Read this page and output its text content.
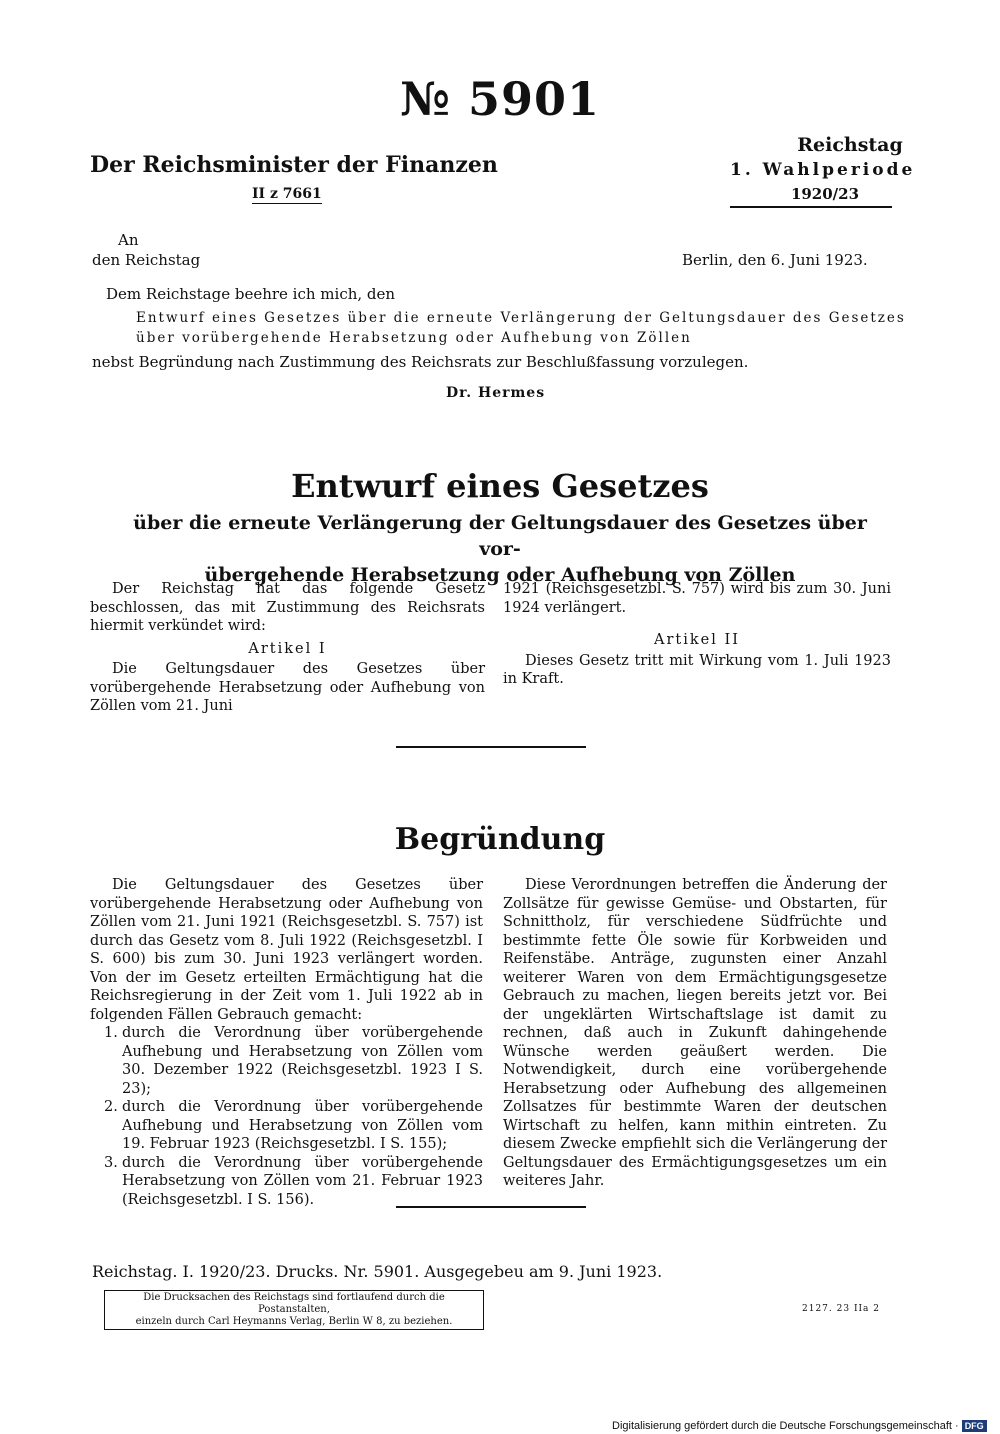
№ 5901
Der Reichsminister der Finanzen
II z 7661
Reichstag
1. Wahlperiode
1920/23
An
den Reichstag	Berlin, den 6. Juni 1923.
Dem Reichstage beehre ich mich, den
Entwurf eines Gesetzes über die erneute Verlängerung der Geltungsdauer des Gesetzes
über vorübergehende Herabsetzung oder Aufhebung von Zöllen
nebst Begründung nach Zustimmung des Reichsrats zur Beschlußfassung vorzulegen.
Dr. Hermes
Entwurf eines Gesetzes
über die erneute Verlängerung der Geltungsdauer des Gesetzes über vor-
übergehende Herabsetzung oder Aufhebung von Zöllen

Der Reichstag hat das folgende Gesetz beschlossen, das mit Zustimmung des Reichsrats hiermit verkündet wird:

Artikel I

Die Geltungsdauer des Gesetzes über vorübergehende Herabsetzung oder Aufhebung von Zöllen vom 21. Juni

1921 (Reichsgesetzbl. S. 757) wird bis zum 30. Juni 1924 verlängert.

Artikel II

Dieses Gesetz tritt mit Wirkung vom 1. Juli 1923 in Kraft.

Begründung

Die Geltungsdauer des Gesetzes über vorübergehende Herabsetzung oder Aufhebung von Zöllen vom 21. Juni 1921 (Reichsgesetzbl. S. 757) ist durch das Gesetz vom 8. Juli 1922 (Reichsgesetzbl. I S. 600) bis zum 30. Juni 1923 verlängert worden. Von der im Gesetz erteilten Ermächtigung hat die Reichsregierung in der Zeit vom 1. Juli 1922 ab in folgenden Fällen Gebrauch gemacht:

1. durch die Verordnung über vorübergehende Aufhebung und Herabsetzung von Zöllen vom 30. Dezember 1922 (Reichsgesetzbl. 1923 I S. 23);
2. durch die Verordnung über vorübergehende Aufhebung und Herabsetzung von Zöllen vom 19. Februar 1923 (Reichsgesetzbl. I S. 155);
3. durch die Verordnung über vorübergehende Herabsetzung von Zöllen vom 21. Februar 1923 (Reichsgesetzbl. I S. 156).

Diese Verordnungen betreffen die Änderung der Zollsätze für gewisse Gemüse- und Obstarten, für Schnittholz, für verschiedene Südfrüchte und bestimmte fette Öle sowie für Korbweiden und Reifenstäbe. Anträge, zugunsten einer Anzahl weiterer Waren von dem Ermächtigungsgesetze Gebrauch zu machen, liegen bereits jetzt vor. Bei der ungeklärten Wirtschaftslage ist damit zu rechnen, daß auch in Zukunft dahingehende Wünsche werden geäußert werden. Die Notwendigkeit, durch eine vorübergehende Herabsetzung oder Aufhebung des allgemeinen Zollsatzes für bestimmte Waren der deutschen Wirtschaft zu helfen, kann mithin eintreten. Zu diesem Zwecke empfiehlt sich die Verlängerung der Geltungsdauer des Ermächtigungsgesetzes um ein weiteres Jahr.

Reichstag. I. 1920/23. Drucks. Nr. 5901. Ausgegebeu am 9. Juni 1923.
Die Drucksachen des Reichstags sind fortlaufend durch die Postanstalten,
einzeln durch Carl Heymanns Verlag, Berlin W 8, zu beziehen.
2127. 23 IIa 2
Digitalisierung gefördert durch die Deutsche Forschungsgemeinschaft · DFG
